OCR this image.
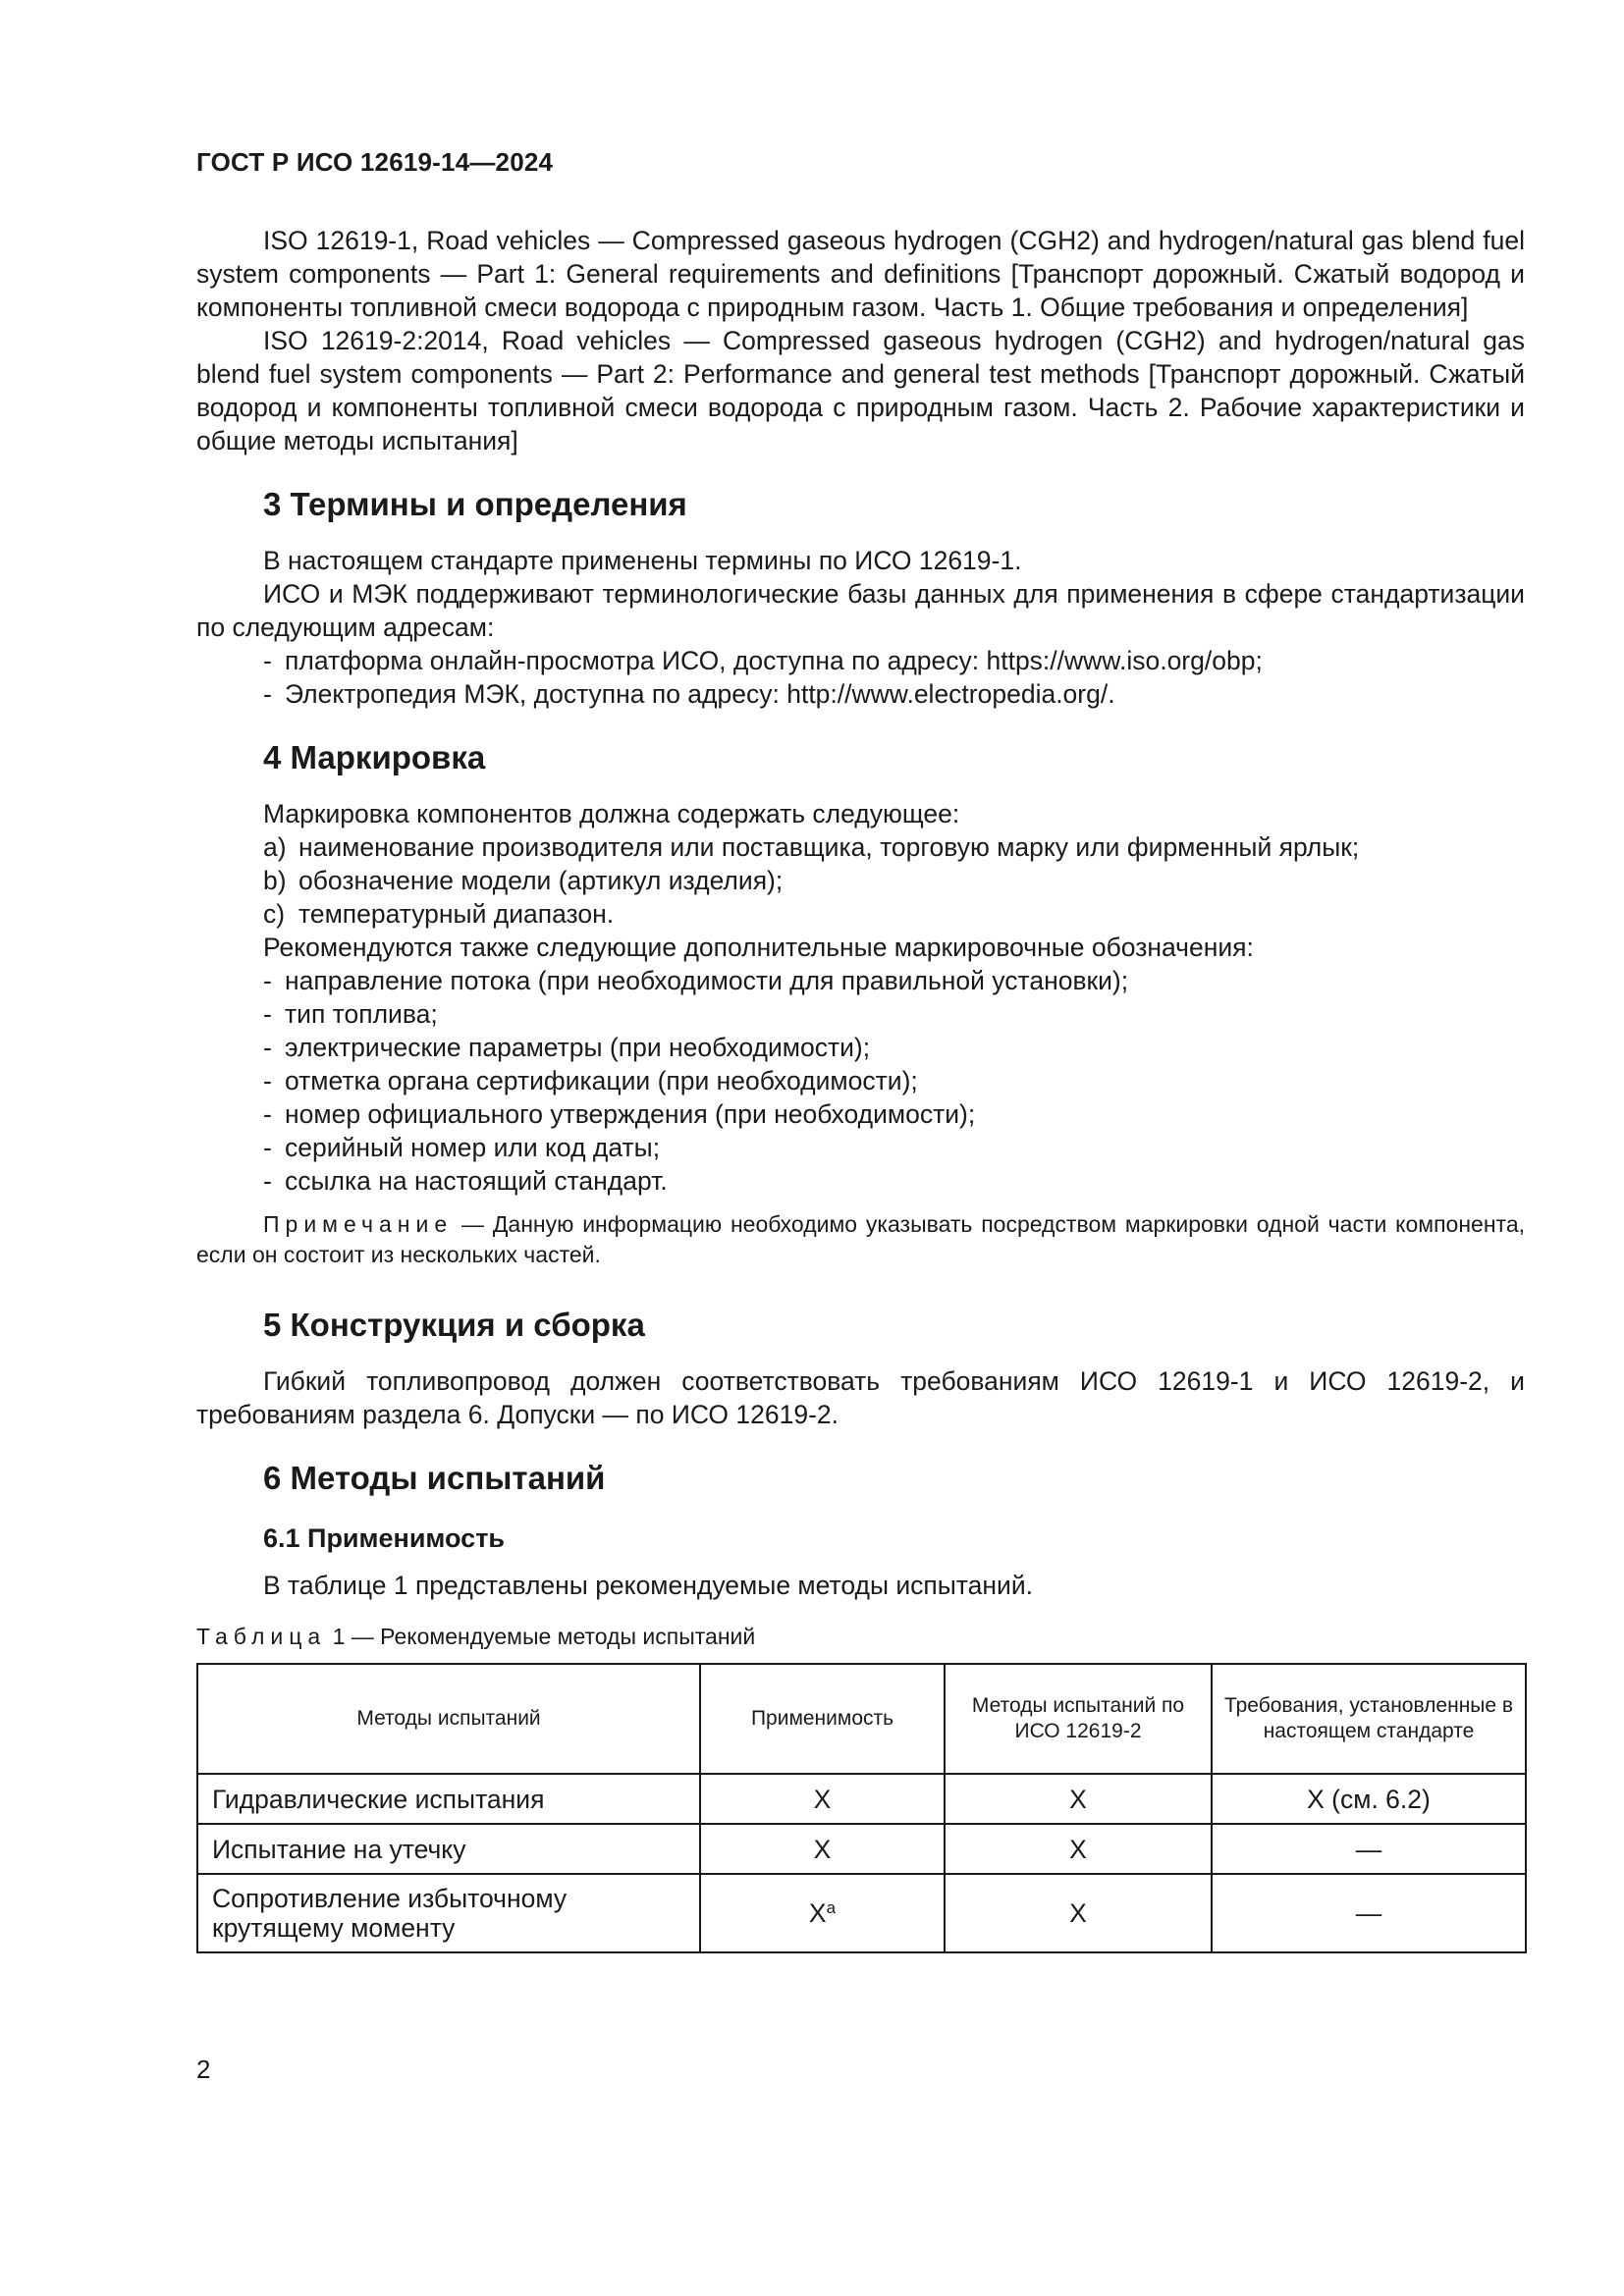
ГОСТ Р ИСО 12619-14—2024

ISO 12619-1, Road vehicles — Compressed gaseous hydrogen (CGH2) and hydrogen/natural gas blend fuel system components — Part 1: General requirements and definitions [Транспорт дорожный. Сжатый водород и компоненты топливной смеси водорода с природным газом. Часть 1. Общие требования и определения]

ISO 12619-2:2014, Road vehicles — Compressed gaseous hydrogen (CGH2) and hydrogen/natural gas blend fuel system components — Part 2: Performance and general test methods [Транспорт дорожный. Сжатый водород и компоненты топливной смеси водорода с природным газом. Часть 2. Рабочие характеристики и общие методы испытания]

3 Термины и определения

В настоящем стандарте применены термины по ИСО 12619-1.

ИСО и МЭК поддерживают терминологические базы данных для применения в сфере стандартизации по следующим адресам:

- платформа онлайн-просмотра ИСО, доступна по адресу: https://www.iso.org/obp;

- Электропедия МЭК, доступна по адресу: http://www.electropedia.org/.

4 Маркировка

Маркировка компонентов должна содержать следующее:

a) наименование производителя или поставщика, торговую марку или фирменный ярлык;

b) обозначение модели (артикул изделия);

c) температурный диапазон.

Рекомендуются также следующие дополнительные маркировочные обозначения:

- направление потока (при необходимости для правильной установки);

- тип топлива;

- электрические параметры (при необходимости);

- отметка органа сертификации (при необходимости);

- номер официального утверждения (при необходимости);

- серийный номер или код даты;

- ссылка на настоящий стандарт.

Примечание — Данную информацию необходимо указывать посредством маркировки одной части компонента, если он состоит из нескольких частей.

5 Конструкция и сборка

Гибкий топливопровод должен соответствовать требованиям ИСО 12619-1 и ИСО 12619-2, и требованиям раздела 6. Допуски — по ИСО 12619-2.

6 Методы испытаний
6.1 Применимость

В таблице 1 представлены рекомендуемые методы испытаний.

Таблица 1 — Рекомендуемые методы испытаний

Методы испытаний	Применимость	Методы испытаний по ИСО 12619-2	Требования, установленные в настоящем стандарте
Гидравлические испытания	X	X	X (см. 6.2)
Испытание на утечку	X	X	—
Сопротивление избыточному крутящему моменту	$X^a$	X	—
2
